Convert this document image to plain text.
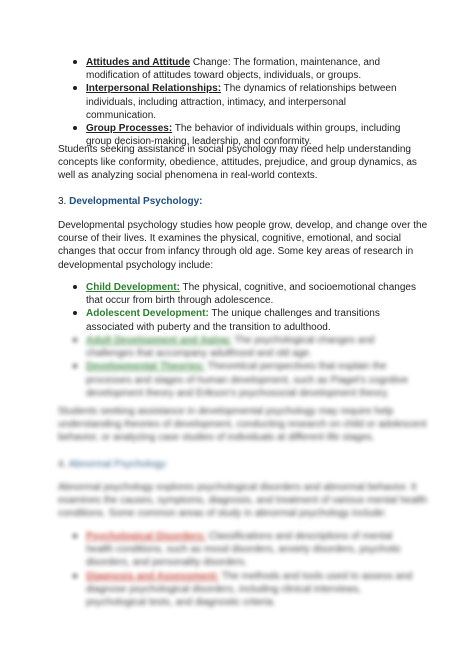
Attitudes and Attitude Change: The formation, maintenance, and modification of attitudes toward objects, individuals, or groups.
Interpersonal Relationships: The dynamics of relationships between individuals, including attraction, intimacy, and interpersonal communication.
Group Processes: The behavior of individuals within groups, including group decision-making, leadership, and conformity.

Students seeking assistance in social psychology may need help understanding concepts like conformity, obedience, attitudes, prejudice, and group dynamics, as well as analyzing social phenomena in real-world contexts.

3. Developmental Psychology:

Developmental psychology studies how people grow, develop, and change over the course of their lives. It examines the physical, cognitive, emotional, and social changes that occur from infancy through old age. Some key areas of research in developmental psychology include:

Child Development: The physical, cognitive, and socioemotional changes that occur from birth through adolescence.
Adolescent Development: The unique challenges and transitions associated with puberty and the transition to adulthood.
Adult Development and Aging: The psychological changes and challenges that accompany adulthood and old age.
Developmental Theories: Theoretical perspectives that explain the processes and stages of human development, such as Piaget's cognitive development theory and Erikson's psychosocial development theory.

Students seeking assistance in developmental psychology may require help understanding theories of development, conducting research on child or adolescent behavior, or analyzing case studies of individuals at different life stages.

4. Abnormal Psychology:

Abnormal psychology explores psychological disorders and abnormal behavior. It examines the causes, symptoms, diagnosis, and treatment of various mental health conditions. Some common areas of study in abnormal psychology include:

Psychological Disorders: Classifications and descriptions of mental health conditions, such as mood disorders, anxiety disorders, psychotic disorders, and personality disorders.
Diagnosis and Assessment: The methods and tools used to assess and diagnose psychological disorders, including clinical interviews, psychological tests, and diagnostic criteria.
